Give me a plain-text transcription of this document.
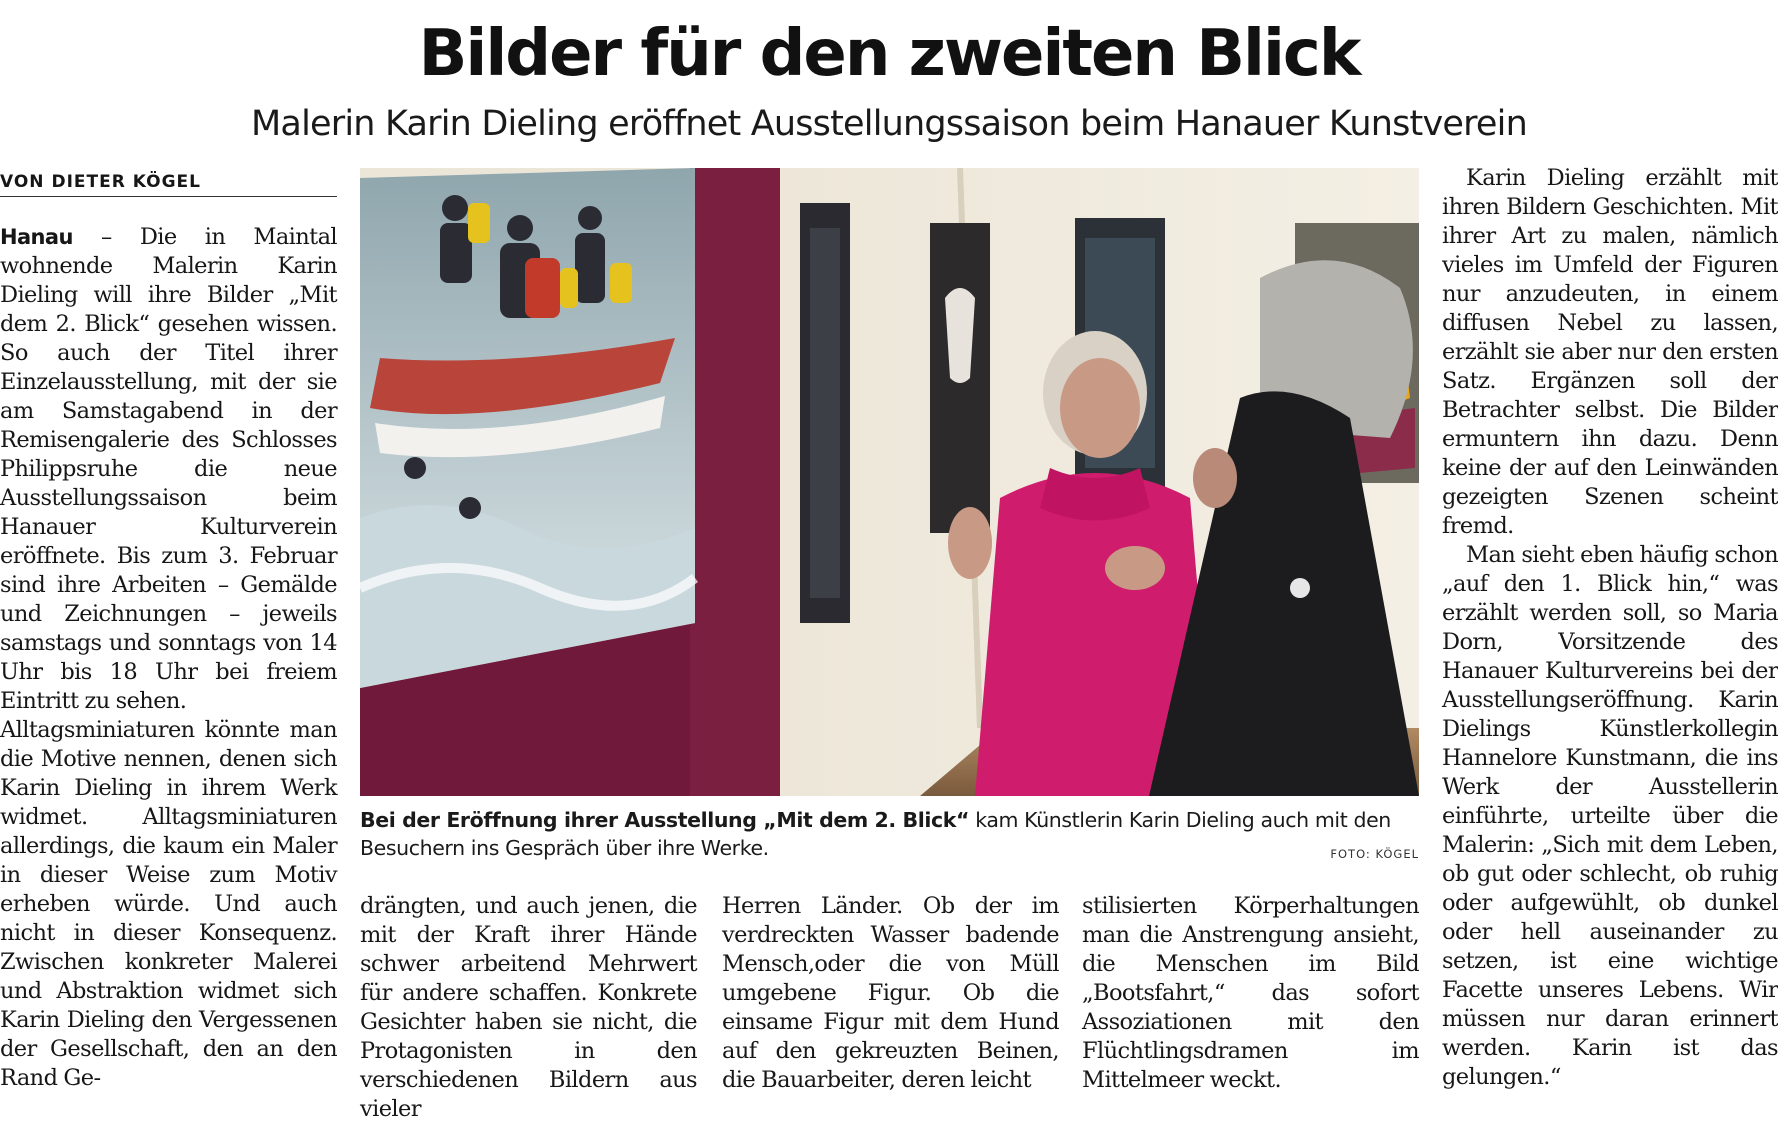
Bilder für den zweiten Blick
Malerin Karin Dieling eröffnet Ausstellungssaison beim Hanauer Kunstverein
VON DIETER KÖGEL

Hanau – Die in Maintal wohnende Malerin Karin Dieling will ihre Bilder „Mit dem 2. Blick“ gesehen wissen. So auch der Titel ihrer Einzelausstellung, mit der sie am Samstagabend in der Remisengalerie des Schlosses Philippsruhe die neue Ausstellungssaison beim Hanauer Kulturverein eröffnete. Bis zum 3. Februar sind ihre Arbeiten – Gemälde und Zeichnungen – jeweils samstags und sonntags von 14 Uhr bis 18 Uhr bei freiem Eintritt zu sehen.

Alltagsminiaturen könnte man die Motive nennen, denen sich Karin Dieling in ihrem Werk widmet. Alltagsminiaturen allerdings, die kaum ein Maler in dieser Weise zum Motiv erheben würde. Und auch nicht in dieser Konsequenz. Zwischen konkreter Malerei und Abstraktion widmet sich Karin Dieling den Vergessenen der Gesellschaft, den an den Rand Ge-

Bei der Eröffnung ihrer Ausstellung „Mit dem 2. Blick“ kam Künstlerin Karin Dieling auch mit den Besuchern ins Gespräch über ihre Werke.	FOTO: KÖGEL

drängten, und auch jenen, die mit der Kraft ihrer Hände schwer arbeitend Mehrwert für andere schaffen. Konkrete Gesichter haben sie nicht, die Protagonisten in den verschiedenen Bildern aus vieler

Herren Länder. Ob der im verdreckten Wasser badende Mensch,oder die von Müll umgebene Figur. Ob die einsame Figur mit dem Hund auf den gekreuzten Beinen, die Bauarbeiter, deren leicht

stilisierten Körperhaltungen man die Anstrengung ansieht, die Menschen im Bild „Bootsfahrt,“ das sofort Assoziationen mit den Flüchtlingsdramen im Mittelmeer weckt.

Karin Dieling erzählt mit ihren Bildern Geschichten. Mit ihrer Art zu malen, nämlich vieles im Umfeld der Figuren nur anzudeuten, in einem diffusen Nebel zu lassen, erzählt sie aber nur den ersten Satz. Ergänzen soll der Betrachter selbst. Die Bilder ermuntern ihn dazu. Denn keine der auf den Leinwänden gezeigten Szenen scheint fremd.

Man sieht eben häufig schon „auf den 1. Blick hin,“ was erzählt werden soll, so Maria Dorn, Vorsitzende des Hanauer Kulturvereins bei der Ausstellungseröffnung. Karin Dielings Künstlerkollegin Hannelore Kunstmann, die ins Werk der Ausstellerin einführte, urteilte über die Malerin: „Sich mit dem Leben, ob gut oder schlecht, ob ruhig oder aufgewühlt, ob dunkel oder hell auseinander zu setzen, ist eine wichtige Facette unseres Lebens. Wir müssen nur daran erinnert werden. Karin ist das gelungen.“
